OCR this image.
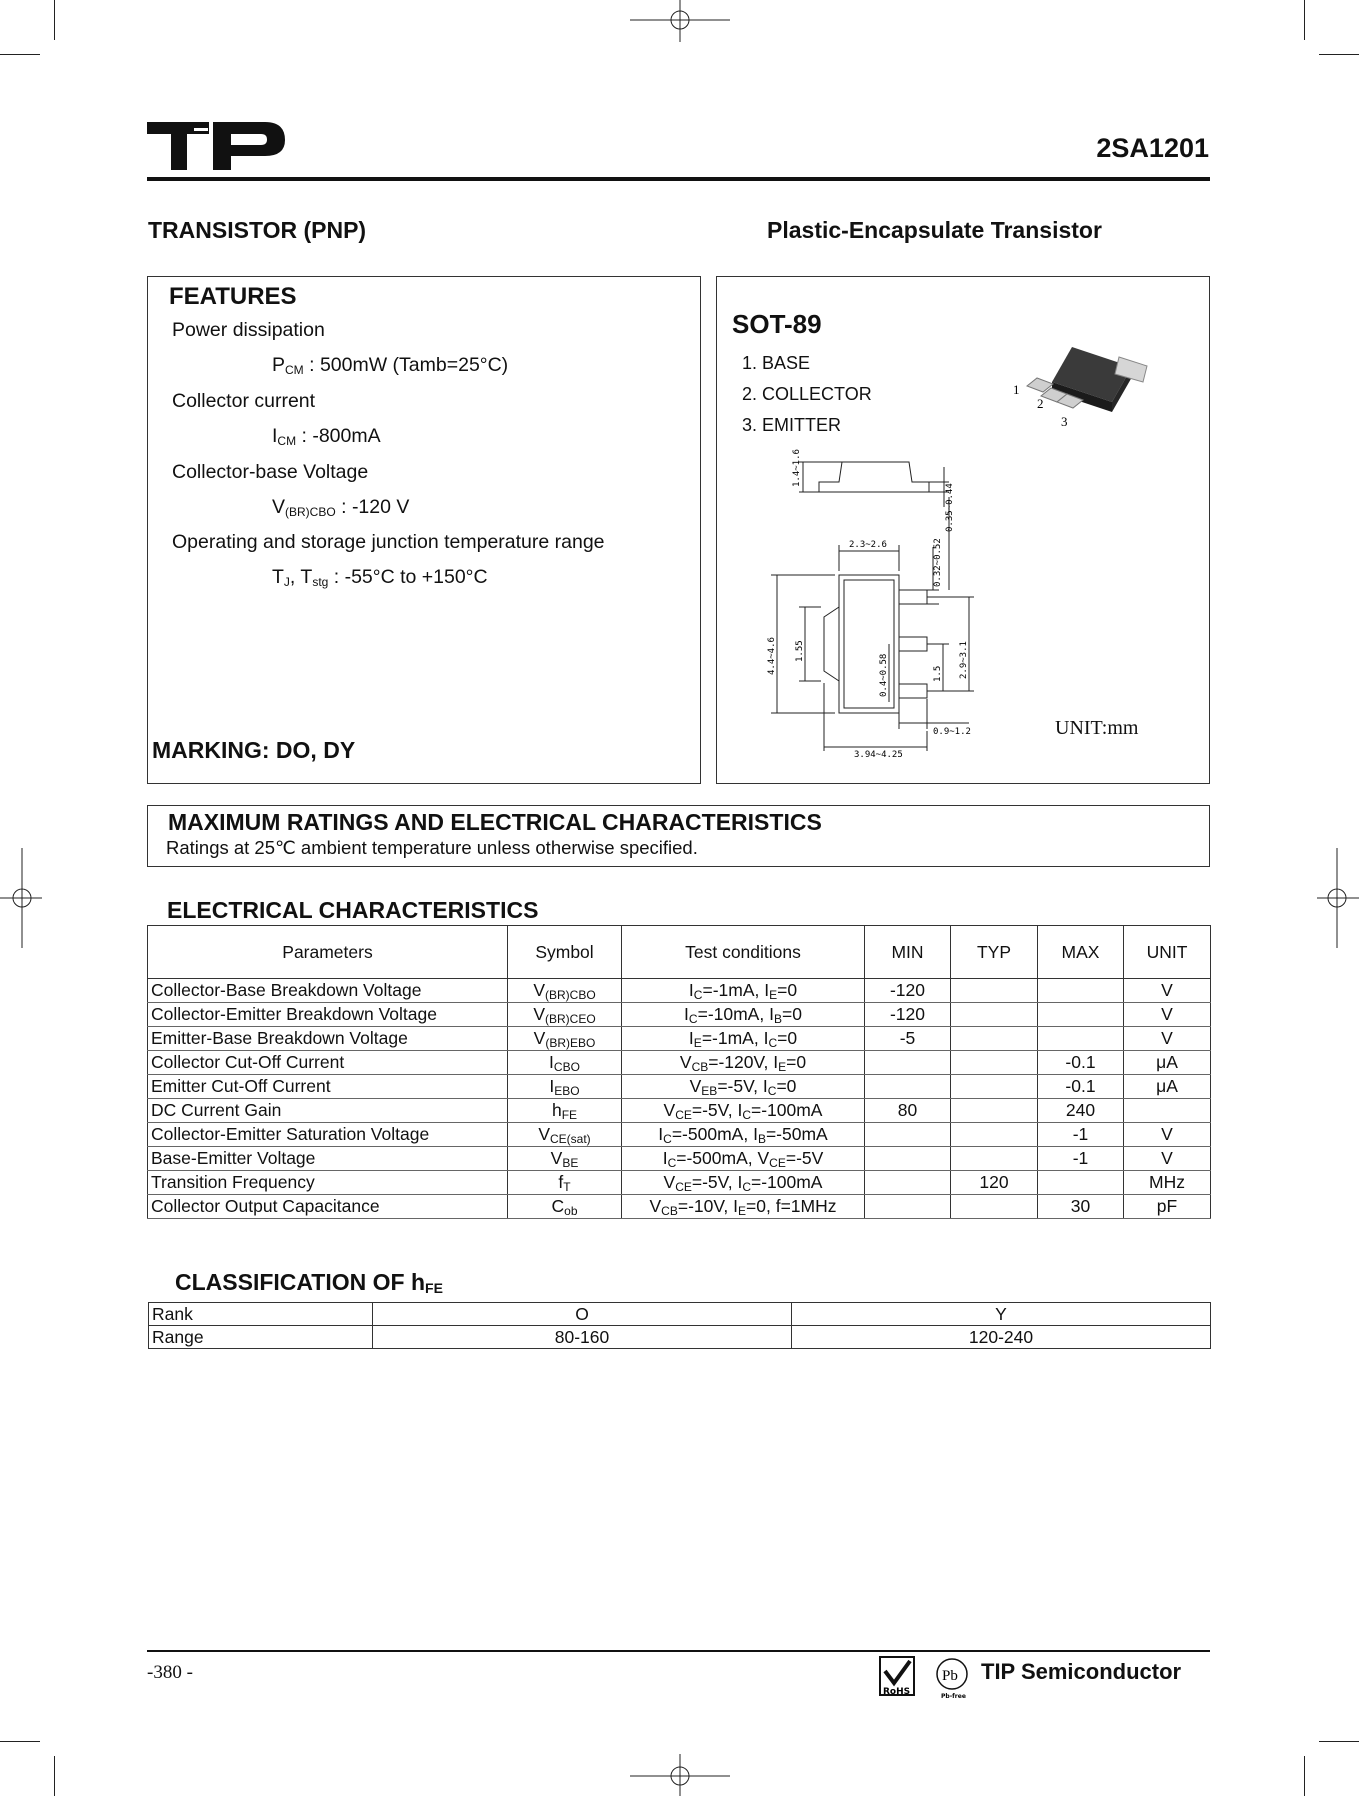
2SA1201
TRANSISTOR (PNP)	Plastic-Encapsulate Transistor
FEATURES
Power dissipation
$P_{CM}$ : 500mW (Tamb=25°C)
Collector current
$I_{CM}$ : -800mA
Collector-base Voltage
$V_{(BR)CBO}$ : -120 V
Operating and storage junction temperature range
$T_J$, $T_{stg}$ : -55°C to +150°C
MARKING: DO, DY
SOT-89
1. BASE
2. COLLECTOR
3. EMITTER
1
2
3
1.4~1.6
0.35~0.44
0.32~0.52
2.3~2.6
4.4~4.6 1.55
0.4~0.58	1.5 2.9~3.1
0.9~1.2
3.94~4.25
UNIT:mm
MAXIMUM RATINGS AND ELECTRICAL CHARACTERISTICS
Ratings at 25℃ ambient temperature unless otherwise specified.
ELECTRICAL CHARACTERISTICS
Parameters	Symbol	Test conditions	MIN	TYP	MAX	UNIT
Collector-Base Breakdown Voltage	$V_{(BR)CBO}$	$I_C=-1mA$, $I_E=0$	-120			V
Collector-Emitter Breakdown Voltage	$V_{(BR)CEO}$	$I_C=-10mA$, $I_B=0$	-120			V
Emitter-Base Breakdown Voltage	$V_{(BR)EBO}$	$I_E=-1mA$, $I_C=0$	-5			V
Collector Cut-Off Current	$I_{CBO}$	$V_{CB}=-120V$, $I_E=0$			-0.1	μA
Emitter Cut-Off Current	$I_{EBO}$	$V_{EB}=-5V$, $I_C=0$			-0.1	μA
DC Current Gain	$h_{FE}$	$V_{CE}=-5V$, $I_C=-100mA$	80		240	
Collector-Emitter Saturation Voltage	$V_{CE(sat)}$	$I_C=-500mA$, $I_B=-50mA$			-1	V
Base-Emitter Voltage	$V_{BE}$	$I_C=-500mA$, $V_{CE}=-5V$			-1	V
Transition Frequency	$f_T$	$V_{CE}=-5V$, $I_C=-100mA$		120		MHz
Collector Output Capacitance	$C_{ob}$	$V_{CB}=-10V$, $I_E=0$, f=1MHz			30	pF
CLASSIFICATION OF $h_{FE}$
Rank	O	Y
Range	80-160	120-240
-380 -
RoHS
Pb
Pb-free
TIP Semiconductor
